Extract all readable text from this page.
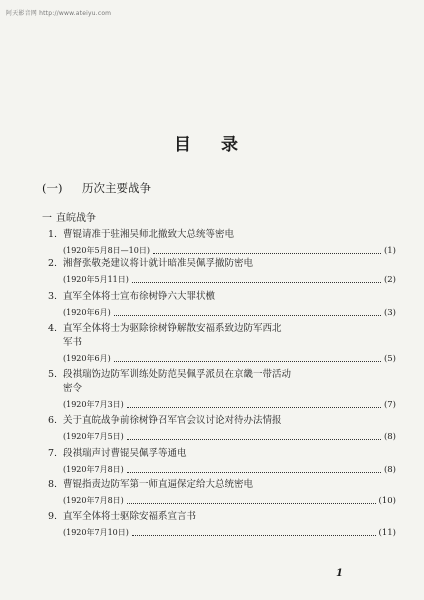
阿天影音网 http://www.ateiyu.com
目 录
(一) 历次主要战争
一 直皖战争
1. 曹锟请准于驻湘吴师北撤致大总统等密电
(1920年5月8日—10日)	(1)
2. 湘督张敬尧建议将计就计暗准吴佩孚撤防密电
(1920年5月11日)	(2)
3. 直军全体将士宣布徐树铮六大罪状檄
(1920年6月)	(3)
4. 直军全体将士为驱除徐树铮解散安福系致边防军西北
军书
(1920年6月)	(5)
5. 段祺瑞饬边防军训练处防范吴佩孚派员在京畿一带活动
密令
(1920年7月3日)	(7)
6. 关于直皖战争前徐树铮召军官会议讨论对待办法情报
(1920年7月5日)	(8)
7. 段祺瑞声讨曹锟吴佩孚等通电
(1920年7月8日)	(8)
8. 曹锟指责边防军第一师直逼保定给大总统密电
(1920年7月8日)	(10)
9. 直军全体将士驱除安福系宣言书
(1920年7月10日)	(11)
1
